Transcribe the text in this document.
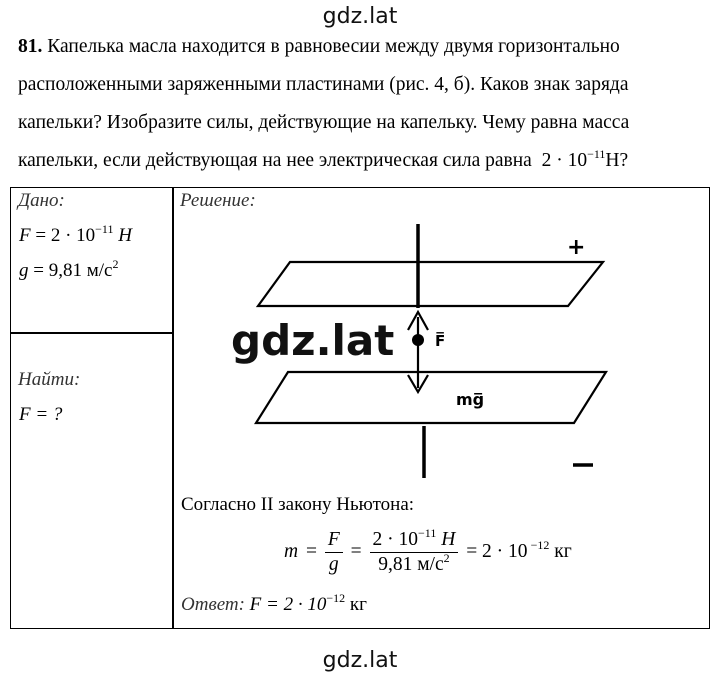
gdz.lat
81. Капелька масла находится в равновесии между двумя горизонтально
расположенными заряженными пластинами (рис. 4, б). Каков знак заряда
капельки? Изобразите силы, действующие на капельку. Чему равна масса
капельки, если действующая на нее электрическая сила равна $2 \cdot 10^{-11}Н$?
Дано:
$F = 2 \cdot 10^{-11}$ Н
g = 9,81 $м/с^2$
Найти:
F = ?
Решение:
+
F̅
mg̅
gdz.lat
Согласно II закону Ньютона:
$m = \frac{F}{g} = \frac{2 \cdot 10^{-11} Н}{9,81 м/с^2} = 2 \cdot 10$ $^{-12}$ кг
Ответ: $F = 2 \cdot 10^{-12}$ кг
gdz.lat
